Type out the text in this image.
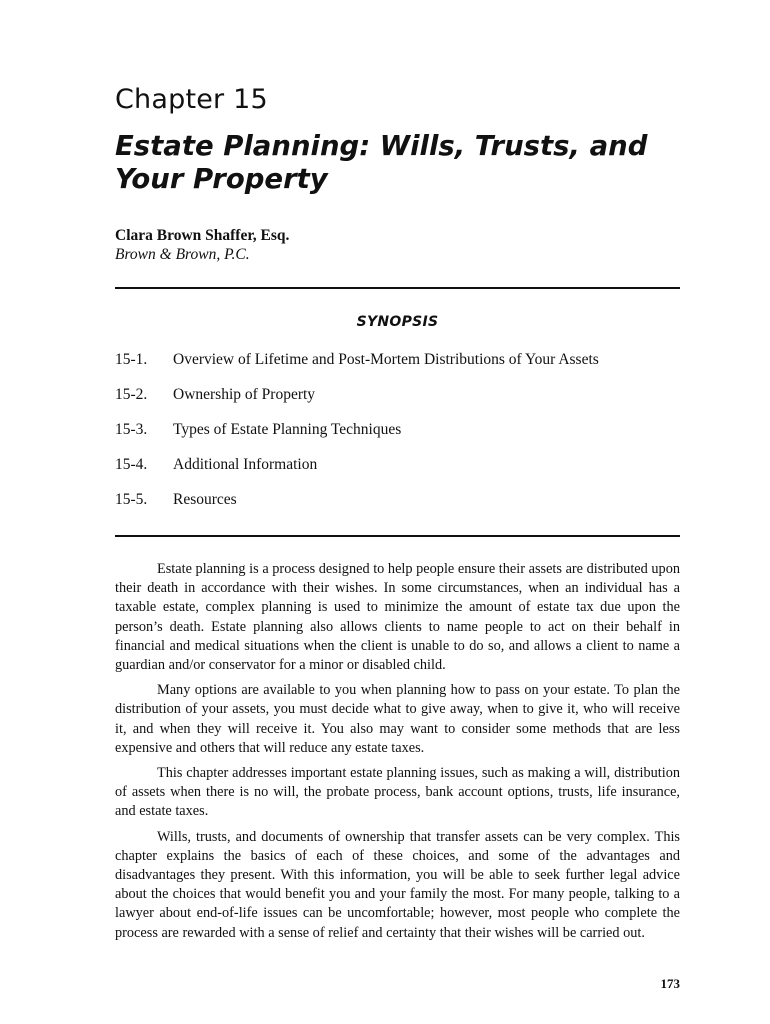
Chapter 15
Estate Planning: Wills, Trusts, and
Your Property
Clara Brown Shaffer, Esq.
Brown & Brown, P.C.
SYNOPSIS
15-1.	Overview of Lifetime and Post-Mortem Distributions of Your Assets
15-2.	Ownership of Property
15-3.	Types of Estate Planning Techniques
15-4.	Additional Information
15-5.	Resources

Estate planning is a process designed to help people ensure their assets are distributed upon their death in accordance with their wishes. In some circumstances, when an individual has a taxable estate, complex planning is used to minimize the amount of estate tax due upon the person’s death. Estate planning also allows clients to name people to act on their behalf in financial and medical situations when the client is unable to do so, and allows a client to name a guardian and/or conservator for a minor or disabled child.

Many options are available to you when planning how to pass on your estate. To plan the distribution of your assets, you must decide what to give away, when to give it, who will receive it, and when they will receive it. You also may want to consider some methods that are less expensive and others that will reduce any estate taxes.

This chapter addresses important estate planning issues, such as making a will, distribution of assets when there is no will, the probate process, bank account options, trusts, life insurance, and estate taxes.

Wills, trusts, and documents of ownership that transfer assets can be very complex. This chapter explains the basics of each of these choices, and some of the advantages and disadvantages they present. With this information, you will be able to seek further legal advice about the choices that would benefit you and your family the most. For many people, talking to a lawyer about end-of-life issues can be uncomfortable; however, most people who complete the process are rewarded with a sense of relief and certainty that their wishes will be carried out.

173
